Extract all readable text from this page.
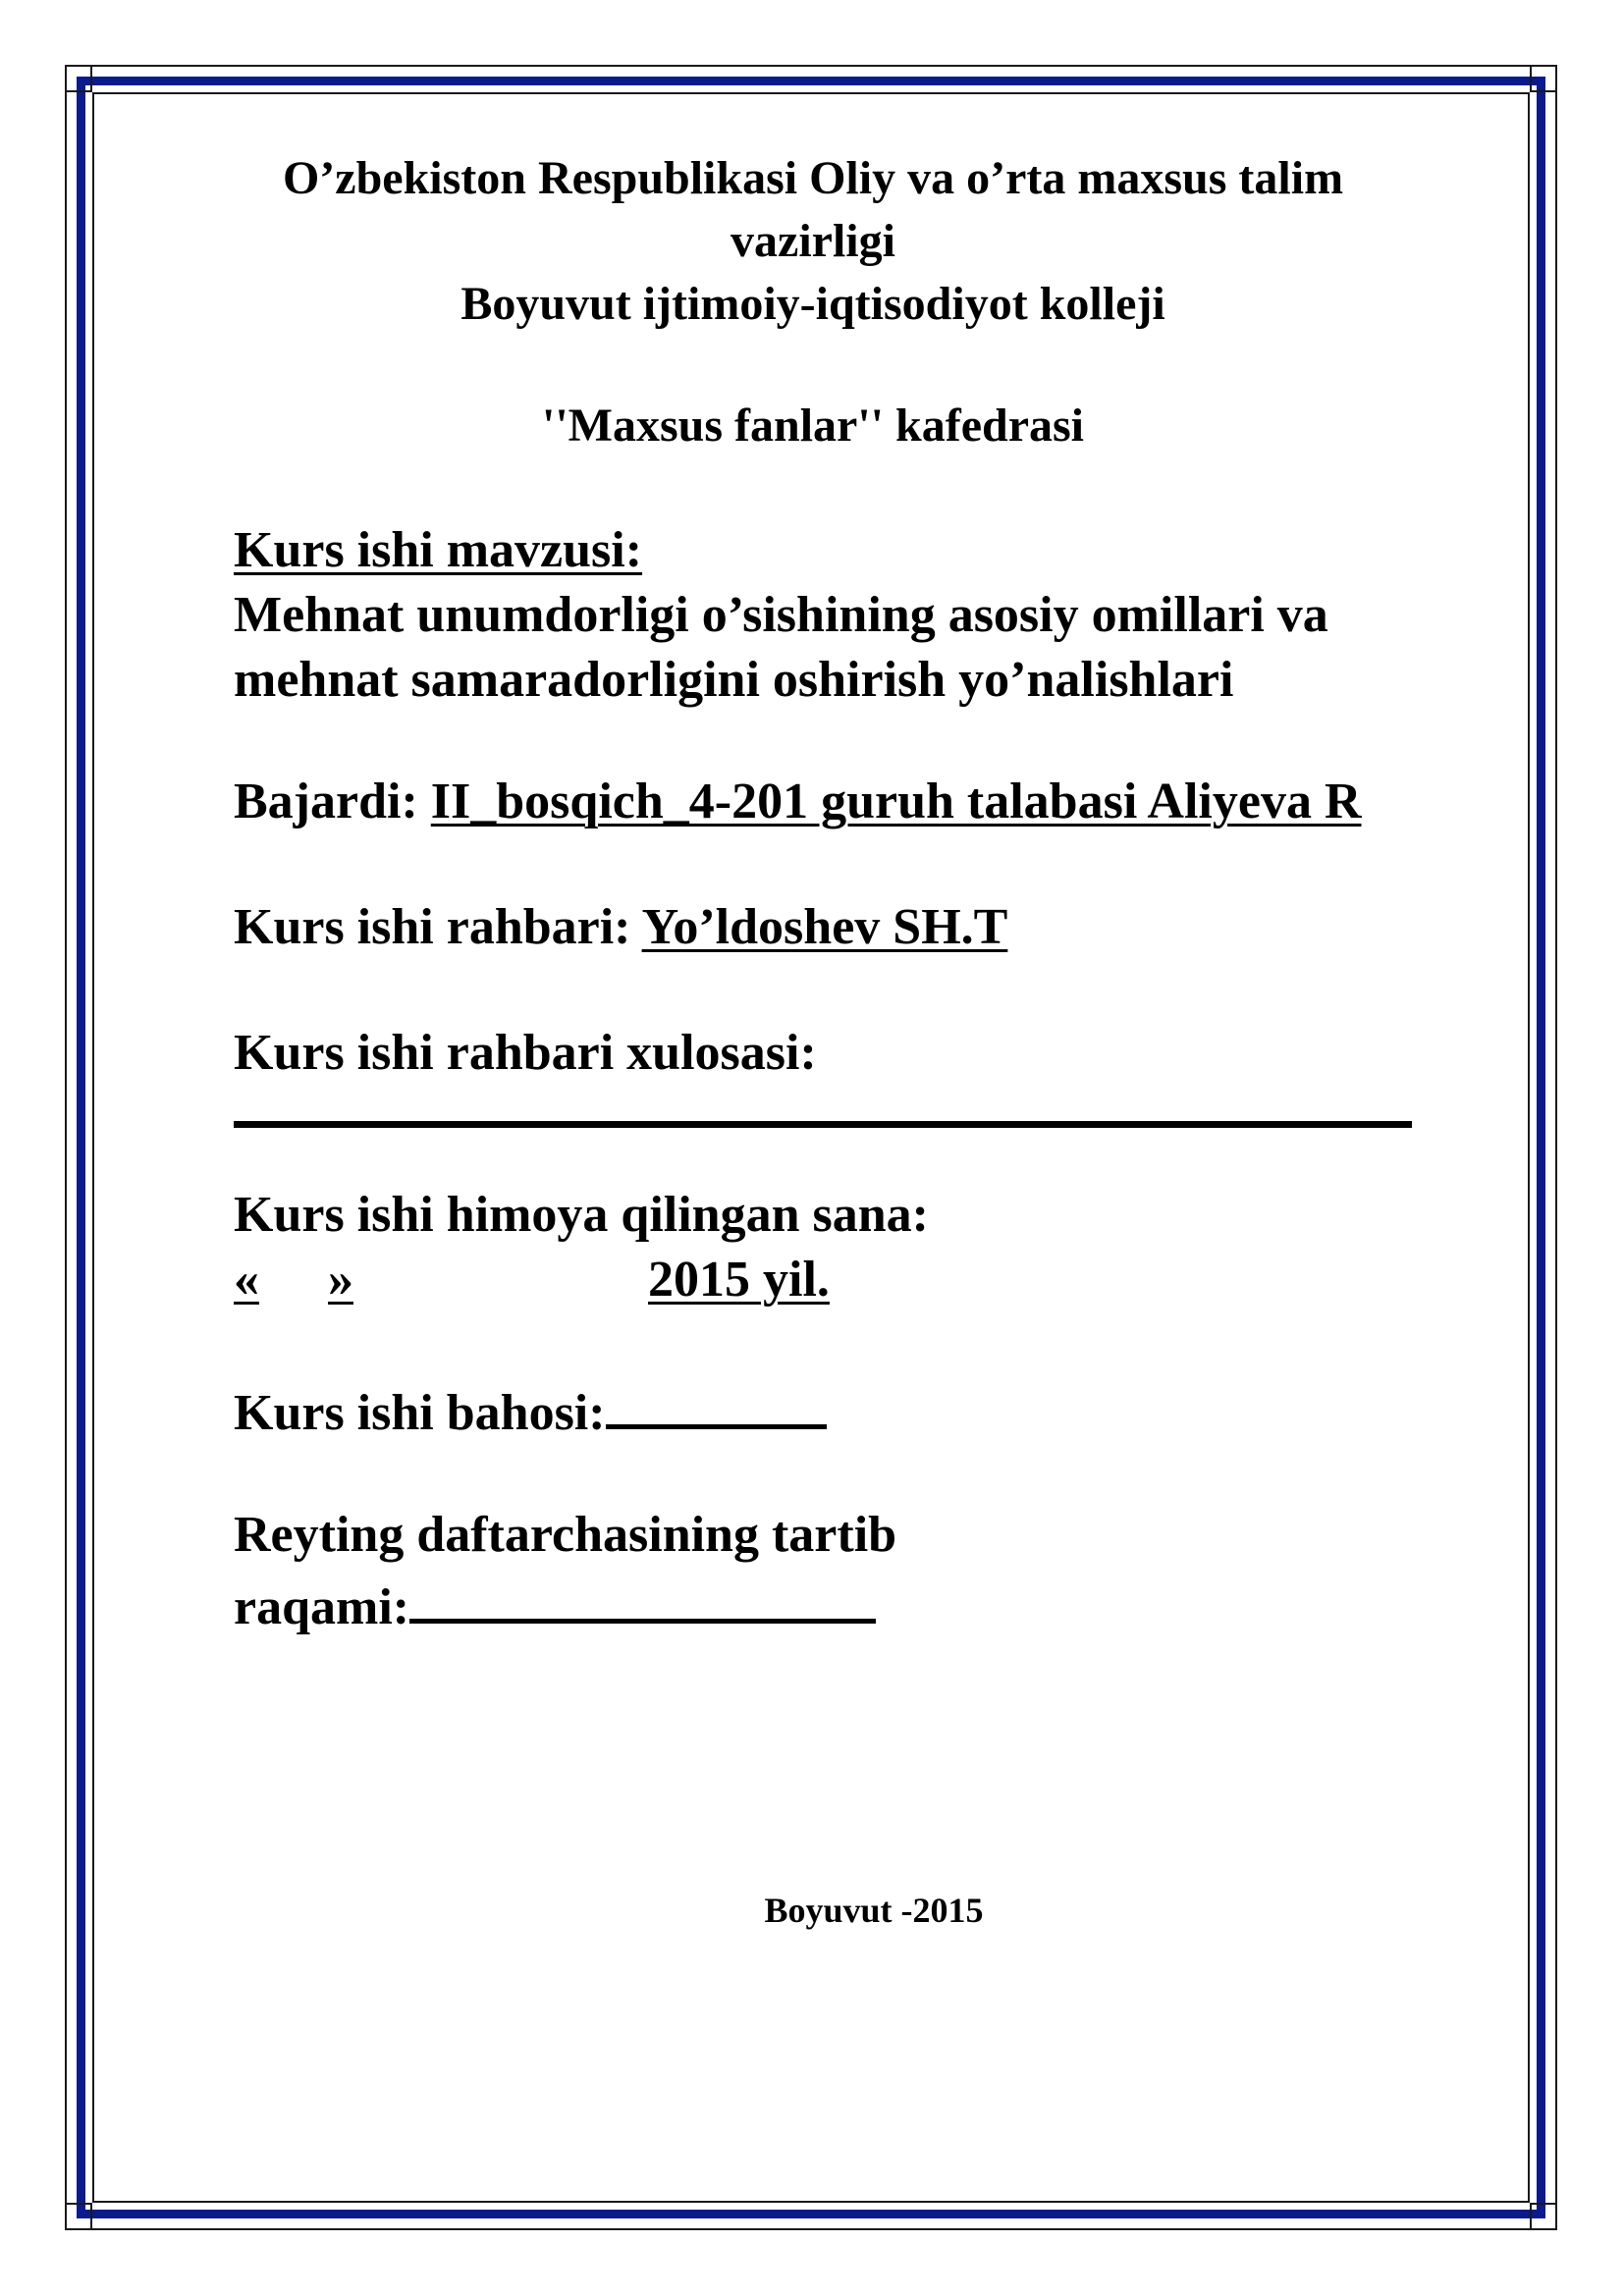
O’zbekiston Respublikasi Oliy va o’rta maxsus talim
vazirligi
Boyuvut ijtimoiy-iqtisodiyot kolleji
''Maxsus fanlar'' kafedrasi
Kurs ishi mavzusi:
Mehnat unumdorligi o’sishining asosiy omillari va
mehnat samaradorligini oshirish yo’nalishlari
Bajardi: II_bosqich_4-201 guruh talabasi Aliyeva R
Kurs ishi rahbari: Yo’ldoshev SH.T
Kurs ishi rahbari xulosasi:
Kurs ishi himoya qilingan sana:
« »	2015 yil.
Kurs ishi bahosi:
Reyting daftarchasining tartib
raqami:
Boyuvut -2015
